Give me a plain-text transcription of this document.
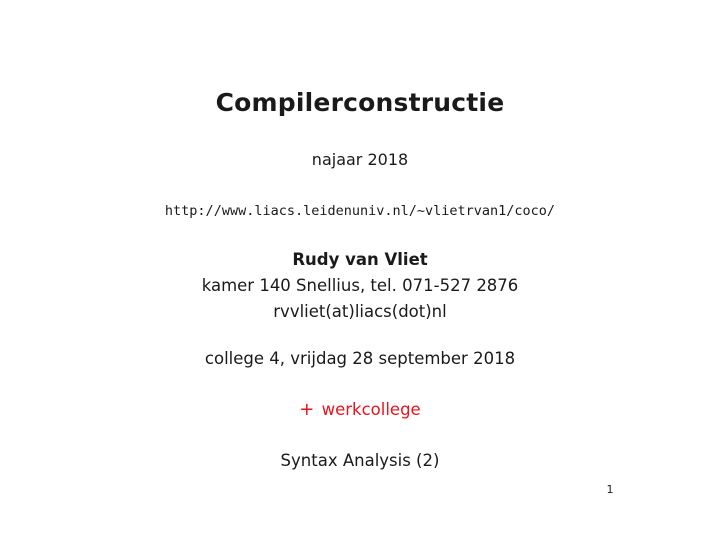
Compilerconstructie
najaar 2018
http://www.liacs.leidenuniv.nl/~vlietrvan1/coco/
Rudy van Vliet
kamer 140 Snellius, tel. 071-527 2876
rvvliet(at)liacs(dot)nl
college 4, vrijdag 28 september 2018
+ werkcollege
Syntax Analysis (2)
1
